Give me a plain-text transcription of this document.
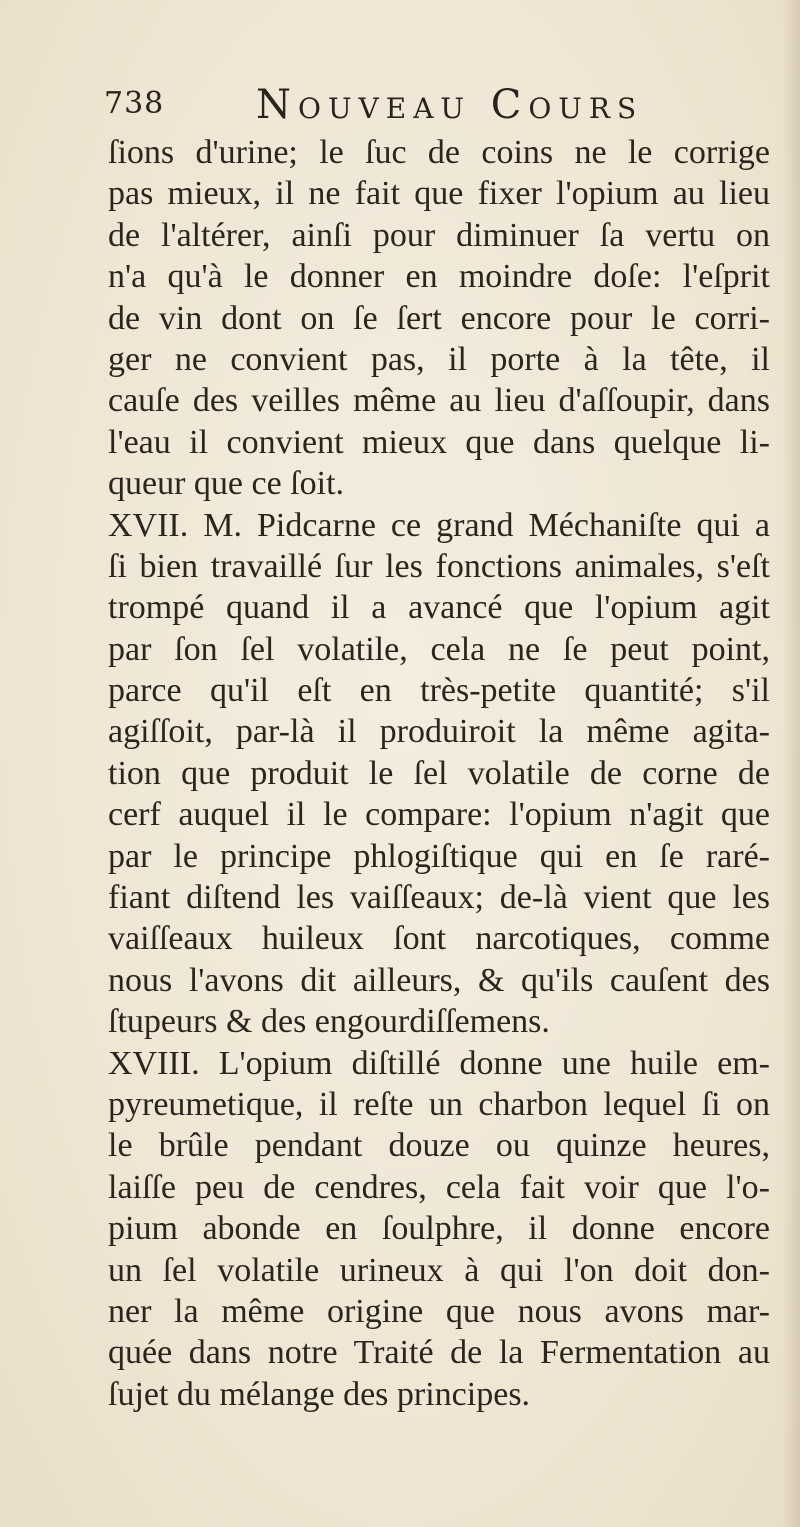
738 Nouveau Cours
ſions d'urine; le ſuc de coins ne le corrige
pas mieux, il ne fait que fixer l'opium au lieu
de l'altérer, ainſi pour diminuer ſa vertu on
n'a qu'à le donner en moindre doſe: l'eſprit
de vin dont on ſe ſert encore pour le corri-
ger ne convient pas, il porte à la tête, il
cauſe des veilles même au lieu d'aſſoupir, dans
l'eau il convient mieux que dans quelque li-
queur que ce ſoit.
XVII. M. Pidcarne ce grand Méchaniſte qui a
ſi bien travaillé ſur les fonctions animales, s'eſt
trompé quand il a avancé que l'opium agit
par ſon ſel volatile, cela ne ſe peut point,
parce qu'il eſt en très-petite quantité; s'il
agiſſoit, par-là il produiroit la même agita-
tion que produit le ſel volatile de corne de
cerf auquel il le compare: l'opium n'agit que
par le principe phlogiſtique qui en ſe raré-
fiant diſtend les vaiſſeaux; de-là vient que les
vaiſſeaux huileux ſont narcotiques, comme
nous l'avons dit ailleurs, & qu'ils cauſent des
ſtupeurs & des engourdiſſemens.
XVIII. L'opium diſtillé donne une huile em-
pyreumetique, il reſte un charbon lequel ſi on
le brûle pendant douze ou quinze heures,
laiſſe peu de cendres, cela fait voir que l'o-
pium abonde en ſoulphre, il donne encore
un ſel volatile urineux à qui l'on doit don-
ner la même origine que nous avons mar-
quée dans notre Traité de la Fermentation au
ſujet du mélange des principes.
